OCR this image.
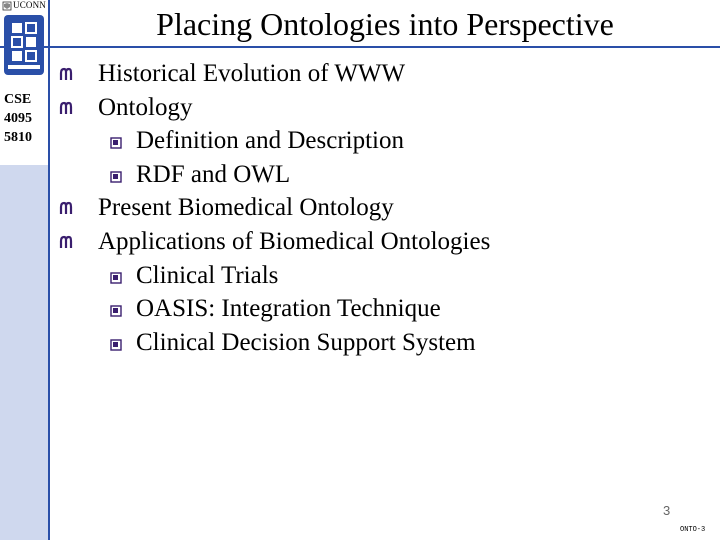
UCONN
CSE
4095
5810
Placing Ontologies into Perspective
Historical Evolution of WWW
Ontology
Definition and Description
RDF and OWL
Present Biomedical Ontology
Applications of Biomedical Ontologies
Clinical Trials
OASIS: Integration Technique
Clinical Decision Support System
3
ONTO-3
